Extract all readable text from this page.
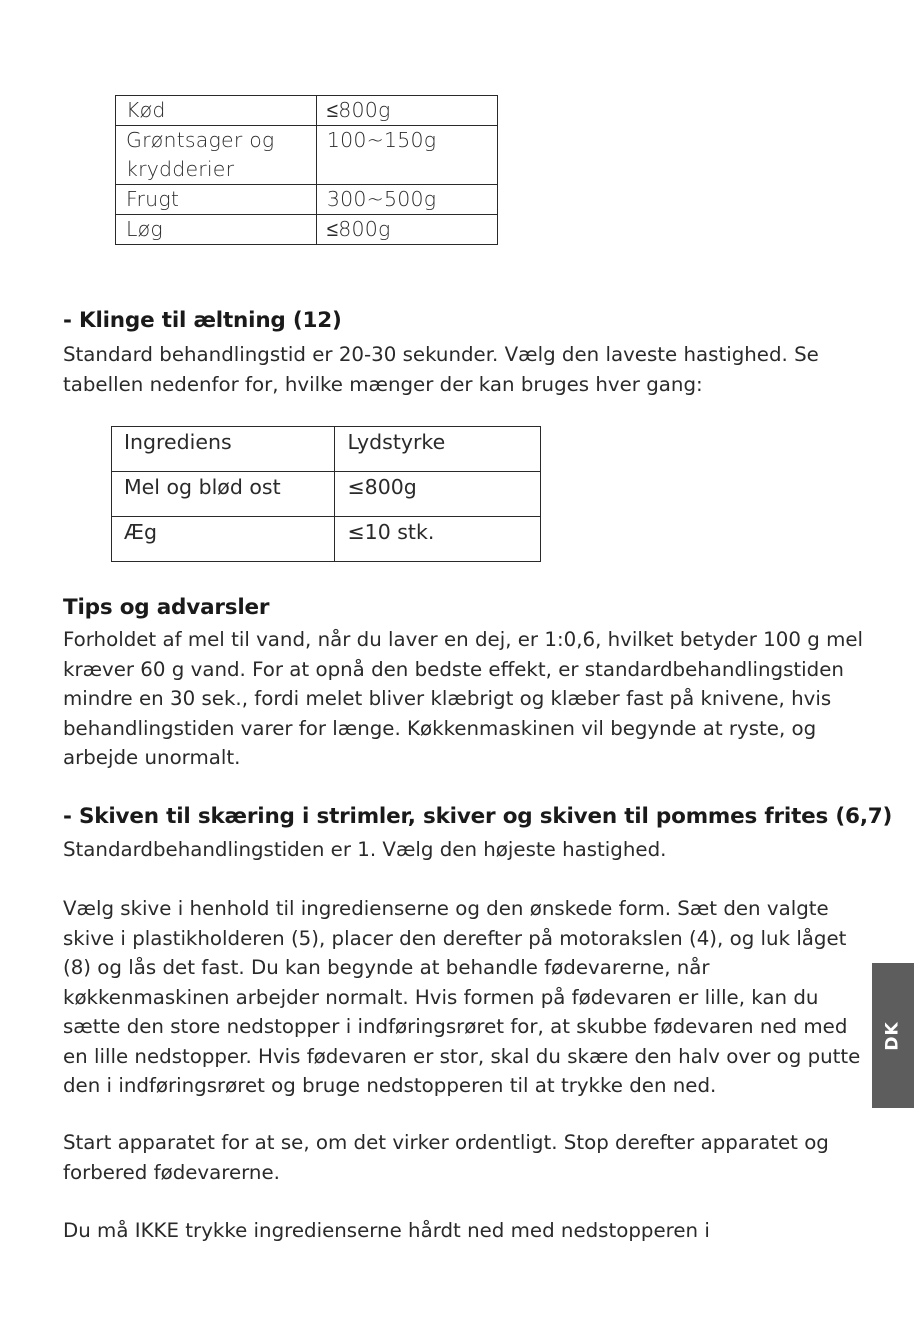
Kød	≤800g
Grøntsager og krydderier	100~150g
Frugt	300~500g
Løg	≤800g
- Klinge til æltning (12)
Standard behandlingstid er 20-30 sekunder. Vælg den laveste hastighed. Se
tabellen nedenfor for, hvilke mænger der kan bruges hver gang:
Ingrediens	Lydstyrke
Mel og blød ost	≤800g
Æg	≤10 stk.
Tips og advarsler
Forholdet af mel til vand, når du laver en dej, er 1:0,6, hvilket betyder 100 g mel
kræver 60 g vand. For at opnå den bedste effekt, er standardbehandlingstiden
mindre en 30 sek., fordi melet bliver klæbrigt og klæber fast på knivene, hvis
behandlingstiden varer for længe. Køkkenmaskinen vil begynde at ryste, og
arbejde unormalt.
- Skiven til skæring i strimler, skiver og skiven til pommes frites (6,7)
Standardbehandlingstiden er 1. Vælg den højeste hastighed.
Vælg skive i henhold til ingredienserne og den ønskede form. Sæt den valgte
skive i plastikholderen (5), placer den derefter på motorakslen (4), og luk låget
(8) og lås det fast. Du kan begynde at behandle fødevarerne, når
køkkenmaskinen arbejder normalt. Hvis formen på fødevaren er lille, kan du
sætte den store nedstopper i indføringsrøret for, at skubbe fødevaren ned med
en lille nedstopper. Hvis fødevaren er stor, skal du skære den halv over og putte
den i indføringsrøret og bruge nedstopperen til at trykke den ned.
Start apparatet for at se, om det virker ordentligt. Stop derefter apparatet og
forbered fødevarerne.
Du må IKKE trykke ingredienserne hårdt ned med nedstopperen i
DK
